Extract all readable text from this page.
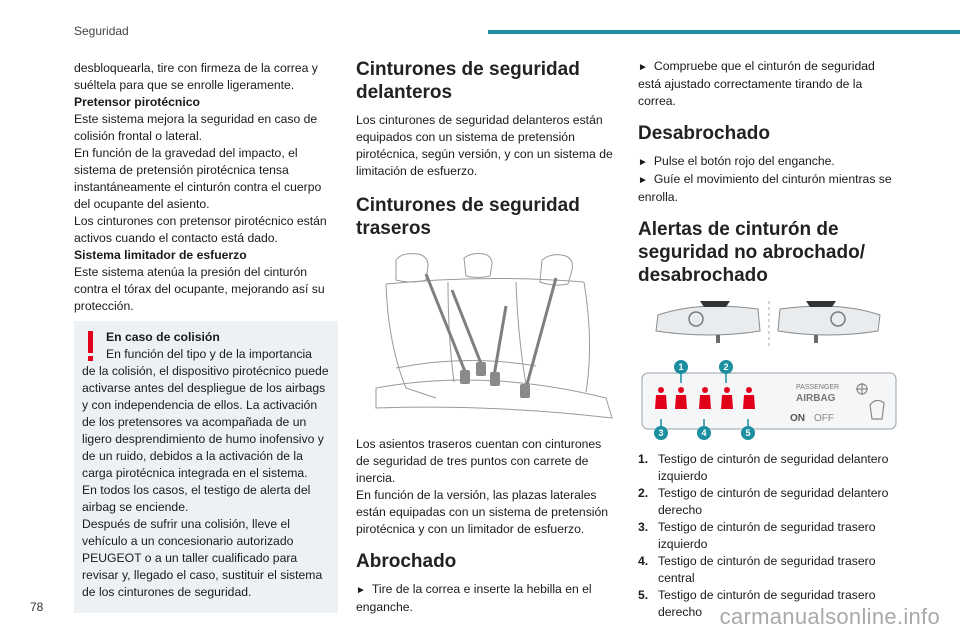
Seguridad
desbloquearla, tire con firmeza de la correa y suéltela para que se enrolle ligeramente.
Pretensor pirotécnico
Este sistema mejora la seguridad en caso de colisión frontal o lateral.
En función de la gravedad del impacto, el sistema de pretensión pirotécnica tensa instantáneamente el cinturón contra el cuerpo del ocupante del asiento.
Los cinturones con pretensor pirotécnico están activos cuando el contacto está dado.
Sistema limitador de esfuerzo
Este sistema atenúa la presión del cinturón contra el tórax del ocupante, mejorando así su protección.
En caso de colisión
En función del tipo y de la importancia
de la colisión, el dispositivo pirotécnico puede activarse antes del despliegue de los airbags y con independencia de ellos. La activación de los pretensores va acompañada de un ligero desprendimiento de humo inofensivo y de un ruido, debidos a la activación de la carga pirotécnica integrada en el sistema.
En todos los casos, el testigo de alerta del airbag se enciende.
Después de sufrir una colisión, lleve el vehículo a un concesionario autorizado PEUGEOT o a un taller cualificado para revisar y, llegado el caso, sustituir el sistema de los cinturones de seguridad.
Cinturones de seguridad delanteros
Los cinturones de seguridad delanteros están equipados con un sistema de pretensión pirotécnica, según versión, y con un sistema de limitación de esfuerzo.
Cinturones de seguridad traseros
Los asientos traseros cuentan con cinturones de seguridad de tres puntos con carrete de inercia.
En función de la versión, las plazas laterales están equipadas con un sistema de pretensión pirotécnica y con un limitador de esfuerzo.
Abrochado
► Tire de la correa e inserte la hebilla en el enganche.
► Compruebe que el cinturón de seguridad está ajustado correctamente tirando de la correa.
Desabrochado
► Pulse el botón rojo del enganche.
► Guíe el movimiento del cinturón mientras se enrolla.
Alertas de cinturón de seguridad no abrochado/ desabrochado
PASSENGER
AIRBAG
ON OFF
1	2
3	4	5
1. Testigo de cinturón de seguridad delantero izquierdo
2. Testigo de cinturón de seguridad delantero derecho
3. Testigo de cinturón de seguridad trasero izquierdo
4. Testigo de cinturón de seguridad trasero central
5. Testigo de cinturón de seguridad trasero derecho
78	carmanualsonline.info
